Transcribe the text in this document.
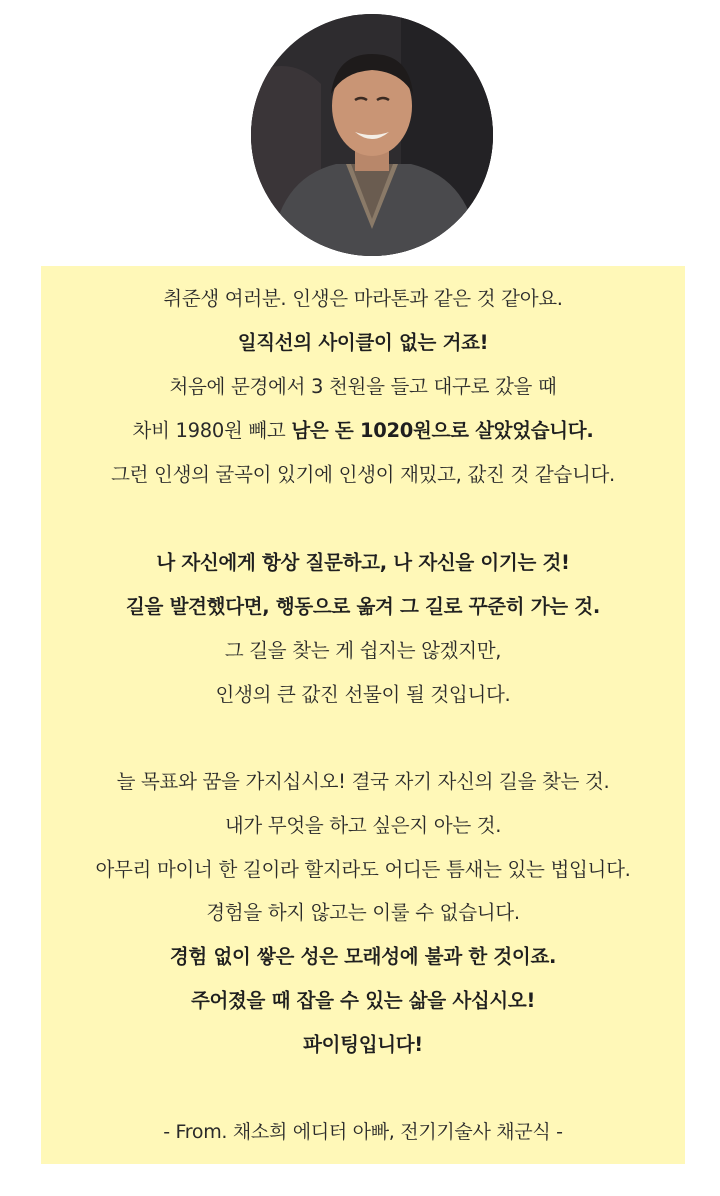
취준생 여러분. 인생은 마라톤과 같은 것 같아요.
일직선의 사이클이 없는 거죠!
처음에 문경에서 3 천원을 들고 대구로 갔을 때
차비 1980원 빼고 남은 돈 1020원으로 살았었습니다.
그런 인생의 굴곡이 있기에 인생이 재밌고, 값진 것 같습니다.
나 자신에게 항상 질문하고, 나 자신을 이기는 것!
길을 발견했다면, 행동으로 옮겨 그 길로 꾸준히 가는 것.
그 길을 찾는 게 쉽지는 않겠지만,
인생의 큰 값진 선물이 될 것입니다.
늘 목표와 꿈을 가지십시오! 결국 자기 자신의 길을 찾는 것.
내가 무엇을 하고 싶은지 아는 것.
아무리 마이너 한 길이라 할지라도 어디든 틈새는 있는 법입니다.
경험을 하지 않고는 이룰 수 없습니다.
경험 없이 쌓은 성은 모래성에 불과 한 것이죠.
주어졌을 때 잡을 수 있는 삶을 사십시오!
파이팅입니다!
- From. 채소희 에디터 아빠, 전기기술사 채군식 -
